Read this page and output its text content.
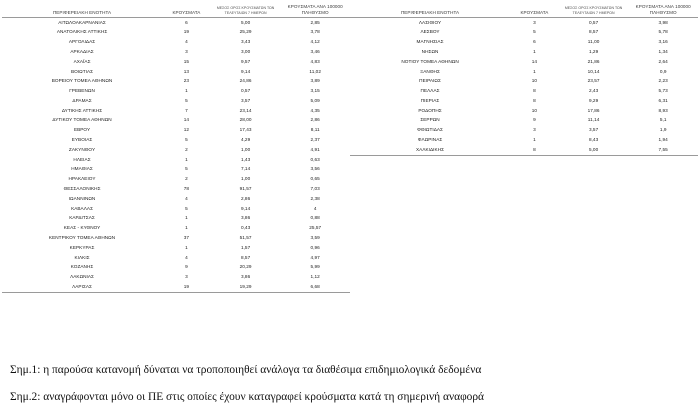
ΠΕΡΙΦΕΡΕΙΑΚΗ ΕΝΟΤΗΤΑ	ΚΡΟΥΣΜΑΤΑ	ΜΕΣΟΣ ΟΡΟΣ ΚΡΟΥΣΜΑΤΩΝ ΤΩΝ ΤΕΛΕΥΤΑΙΩΝ 7 ΗΜΕΡΩΝ	ΚΡΟΥΣΜΑΤΑ ΑΝΑ 100000 ΠΛΗΘΥΣΜΟ
ΑΙΤΩΛΟΑΚΑΡΝΑΝΙΑΣ	6	5,00	2,85
ΑΝΑΤΟΛΙΚΗΣ ΑΤΤΙΚΗΣ	19	25,29	3,78
ΑΡΓΟΛΙΔΑΣ	4	3,43	4,12
ΑΡΚΑΔΙΑΣ	3	3,00	3,46
ΑΧΑΪΑΣ	15	9,57	4,83
ΒΟΙΩΤΙΑΣ	13	9,14	11,02
ΒΟΡΕΙΟΥ ΤΟΜΕΑ ΑΘΗΝΩΝ	23	24,86	3,89
ΓΡΕΒΕΝΩΝ	1	0,57	3,15
ΔΡΑΜΑΣ	5	3,57	5,09
ΔΥΤΙΚΗΣ ΑΤΤΙΚΗΣ	7	23,14	4,35
ΔΥΤΙΚΟΥ ΤΟΜΕΑ ΑΘΗΝΩΝ	14	28,00	2,86
ΕΒΡΟΥ	12	17,43	8,11
ΕΥΒΟΙΑΣ	5	4,29	2,37
ΖΑΚΥΝΘΟΥ	2	1,00	4,91
ΗΛΕΙΑΣ	1	1,43	0,63
ΗΜΑΘΙΑΣ	5	7,14	3,56
ΗΡΑΚΛΕΙΟΥ	2	1,00	0,65
ΘΕΣΣΑΛΟΝΙΚΗΣ	78	91,57	7,03
ΙΩΑΝΝΙΝΩΝ	4	2,86	2,38
ΚΑΒΑΛΑΣ	5	9,14	4
ΚΑΡΔΙΤΣΑΣ	1	3,86	0,88
ΚΕΑΣ - ΚΥΘΝΟΥ	1	0,43	25,57
ΚΕΝΤΡΙΚΟΥ ΤΟΜΕΑ ΑΘΗΝΩΝ	37	51,57	3,59
ΚΕΡΚΥΡΑΣ	1	1,57	0,96
ΚΙΛΚΙΣ	4	8,57	4,97
ΚΟΖΑΝΗΣ	9	20,29	5,99
ΛΑΚΩΝΙΑΣ	3	3,86	1,12
ΛΑΡΙΣΑΣ	19	19,29	6,68
ΠΕΡΙΦΕΡΕΙΑΚΗ ΕΝΟΤΗΤΑ	ΚΡΟΥΣΜΑΤΑ	ΜΕΣΟΣ ΟΡΟΣ ΚΡΟΥΣΜΑΤΩΝ ΤΩΝ ΤΕΛΕΥΤΑΙΩΝ 7 ΗΜΕΡΩΝ	ΚΡΟΥΣΜΑΤΑ ΑΝΑ 100000 ΠΛΗΘΥΣΜΟ
ΛΑΣΙΘΙΟΥ	3	0,57	3,98
ΛΕΣΒΟΥ	5	8,57	5,78
ΜΑΓΝΗΣΙΑΣ	6	11,00	3,16
ΝΗΣΩΝ	1	1,29	1,34
ΝΟΤΙΟΥ ΤΟΜΕΑ ΑΘΗΝΩΝ	14	21,86	2,64
ΞΑΝΘΗΣ	1	10,14	0,9
ΠΕΙΡΑΙΩΣ	10	23,57	2,23
ΠΕΛΛΑΣ	8	2,43	5,73
ΠΙΕΡΙΑΣ	8	9,29	6,31
ΡΟΔΟΠΗΣ	10	17,86	8,93
ΣΕΡΡΩΝ	9	11,14	5,1
ΦΘΙΩΤΙΔΑΣ	3	3,57	1,9
ΦΛΩΡΙΝΑΣ	1	8,43	1,94
ΧΑΛΚΙΔΙΚΗΣ	8	5,00	7,55
Σημ.1: η παρούσα κατανομή δύναται να τροποποιηθεί ανάλογα τα διαθέσιμα επιδημιολογικά δεδομένα
Σημ.2: αναγράφονται μόνο οι ΠΕ στις οποίες έχουν καταγραφεί κρούσματα κατά τη σημερινή αναφορά
